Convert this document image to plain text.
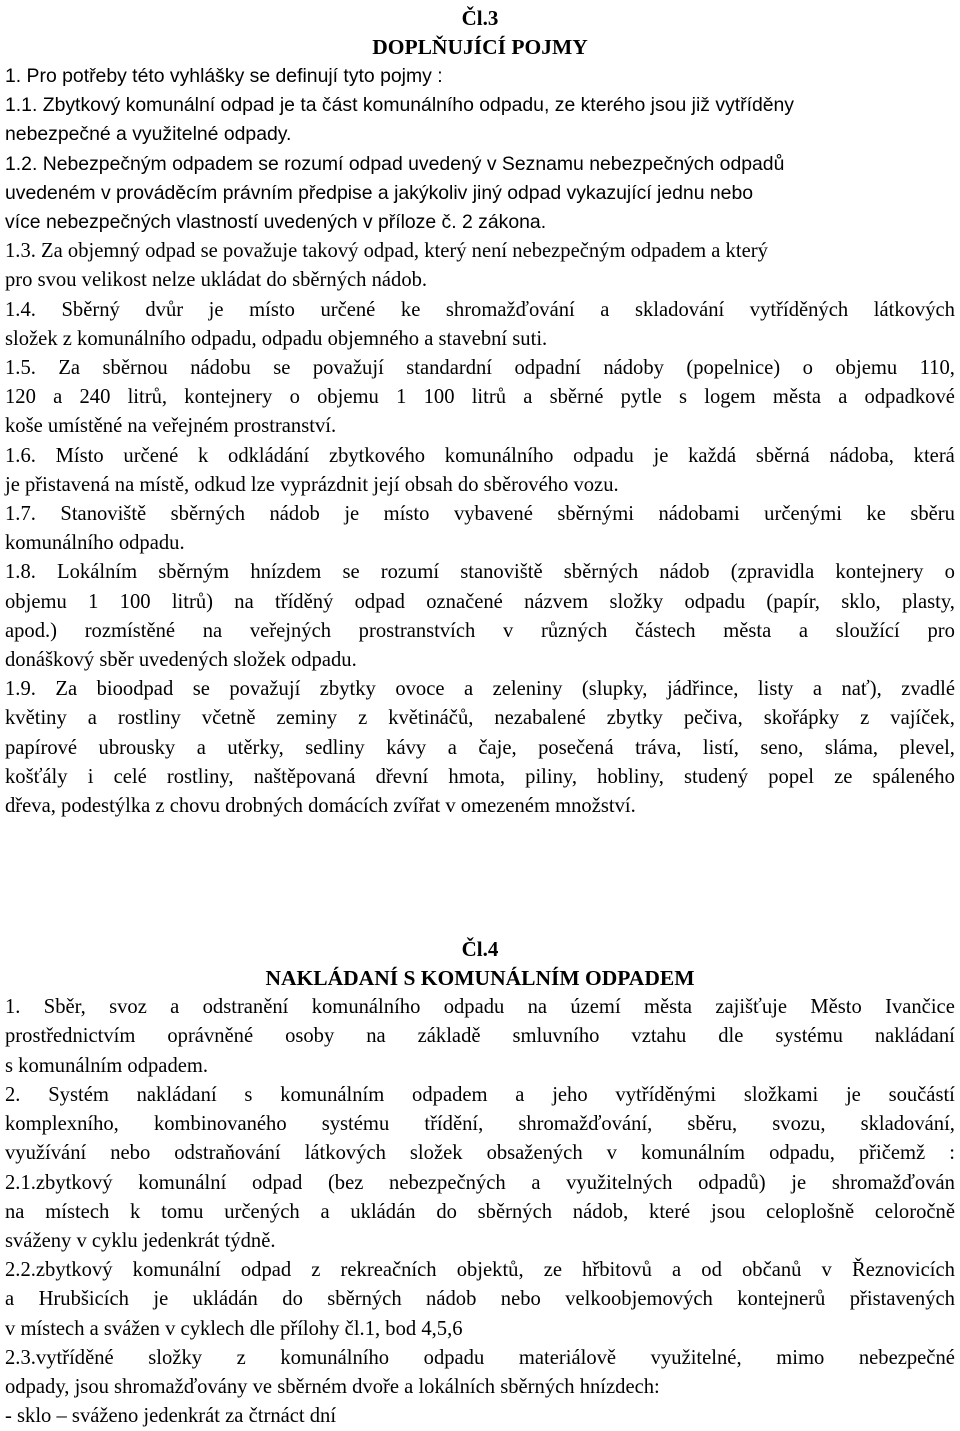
Čl.3

DOPLŇUJÍCÍ POJMY

1. Pro potřeby této vyhlášky se definují tyto pojmy :

1.1. Zbytkový komunální odpad je ta část komunálního odpadu, ze kterého jsou již vytříděny

nebezpečné a využitelné odpady.

1.2. Nebezpečným odpadem se rozumí odpad uvedený v Seznamu nebezpečných odpadů

uvedeném v prováděcím právním předpise a jakýkoliv jiný odpad vykazující jednu nebo

více nebezpečných vlastností uvedených v příloze č. 2 zákona.

1.3. Za objemný odpad se považuje takový odpad, který není nebezpečným odpadem a který

pro svou velikost nelze ukládat do sběrných nádob.

1.4. Sběrný dvůr je místo určené ke shromažďování a skladování vytříděných látkových

složek z komunálního odpadu, odpadu objemného a stavební suti.

1.5. Za sběrnou nádobu se považují standardní odpadní nádoby (popelnice) o objemu 110,

120 a 240 litrů, kontejnery o objemu 1 100 litrů a sběrné pytle s logem města a odpadkové

koše umístěné na veřejném prostranství.

1.6. Místo určené k odkládání zbytkového komunálního odpadu je každá sběrná nádoba, která

je přistavená na místě, odkud lze vyprázdnit její obsah do sběrového vozu.

1.7. Stanoviště sběrných nádob je místo vybavené sběrnými nádobami určenými ke sběru

komunálního odpadu.

1.8. Lokálním sběrným hnízdem se rozumí stanoviště sběrných nádob (zpravidla kontejnery o

objemu 1 100 litrů) na tříděný odpad označené názvem složky odpadu (papír, sklo, plasty,

apod.) rozmístěné na veřejných prostranstvích v různých částech města a sloužící pro

donáškový sběr uvedených složek odpadu.

1.9. Za bioodpad se považují zbytky ovoce a zeleniny (slupky, jádřince, listy a nať), zvadlé

květiny a rostliny včetně zeminy z květináčů, nezabalené zbytky pečiva, skořápky z vajíček,

papírové ubrousky a utěrky, sedliny kávy a čaje, posečená tráva, listí, seno, sláma, plevel,

košťály i celé rostliny, naštěpovaná dřevní hmota, piliny, hobliny, studený popel ze spáleného

dřeva, podestýlka z chovu drobných domácích zvířat v omezeném množství.

Čl.4

NAKLÁDANÍ S KOMUNÁLNÍM ODPADEM

1. Sběr, svoz a odstranění komunálního odpadu na území města zajišťuje Město Ivančice

prostřednictvím oprávněné osoby na základě smluvního vztahu dle systému nakládaní

s komunálním odpadem.

2. Systém nakládaní s komunálním odpadem a jeho vytříděnými složkami je součástí

komplexního, kombinovaného systému třídění, shromažďování, sběru, svozu, skladování,

využívání nebo odstraňování látkových složek obsažených v komunálním odpadu, přičemž :

2.1.zbytkový komunální odpad (bez nebezpečných a využitelných odpadů) je shromažďován

na místech k tomu určených a ukládán do sběrných nádob, které jsou celoplošně celoročně

sváženy v cyklu jedenkrát týdně.

2.2.zbytkový komunální odpad z rekreačních objektů, ze hřbitovů a od občanů v Řeznovicích

a Hrubšicích je ukládán do sběrných nádob nebo velkoobjemových kontejnerů přistavených

v místech a svážen v cyklech dle přílohy čl.1, bod 4,5,6

2.3.vytříděné složky z komunálního odpadu materiálově využitelné, mimo nebezpečné

odpady, jsou shromažďovány ve sběrném dvoře a lokálních sběrných hnízdech:

- sklo – sváženo jedenkrát za čtrnáct dní
